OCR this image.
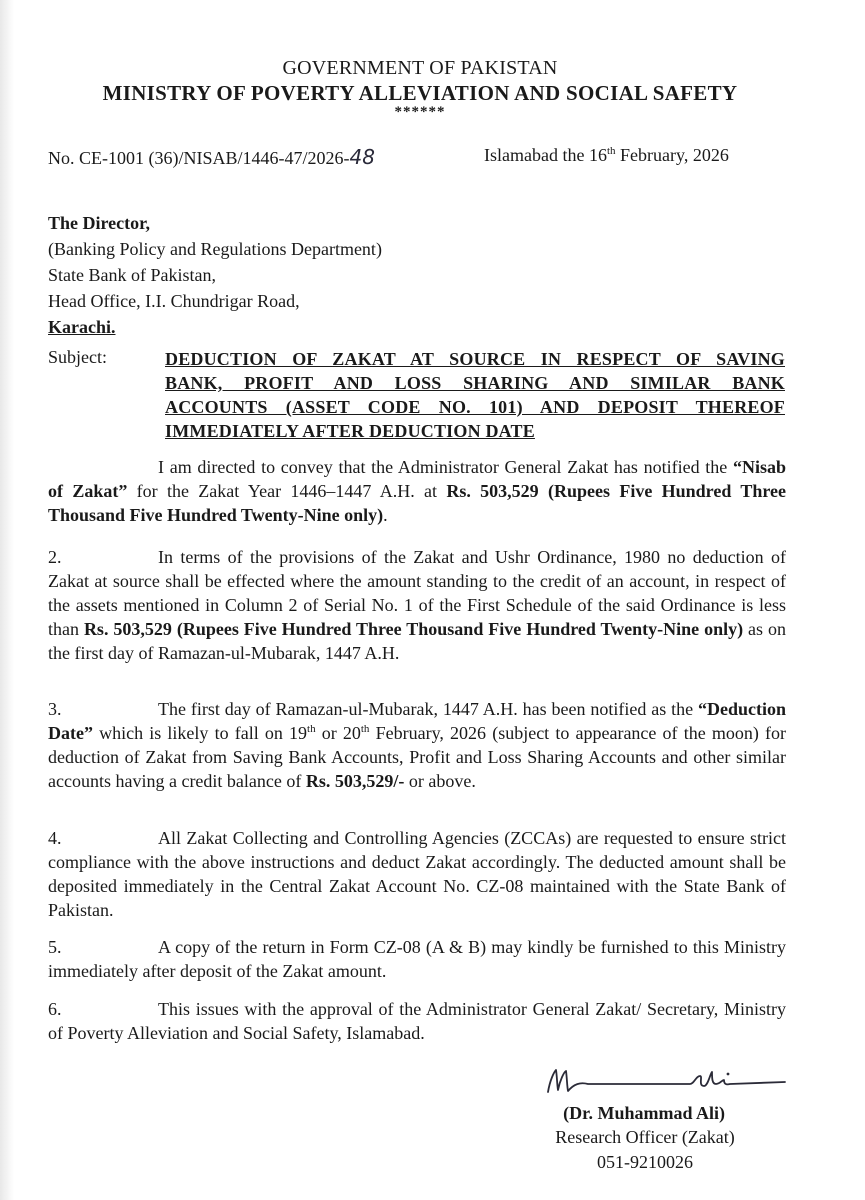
GOVERNMENT OF PAKISTAN
MINISTRY OF POVERTY ALLEVIATION AND SOCIAL SAFETY
******
No. CE-1001 (36)/NISAB/1446-47/2026-48	Islamabad the 16th February, 2026
The Director,
(Banking Policy and Regulations Department)
State Bank of Pakistan,
Head Office, I.I. Chundrigar Road,
Karachi.
Subject:	DEDUCTION OF ZAKAT AT SOURCE IN RESPECT OF SAVING
BANK, PROFIT AND LOSS SHARING AND SIMILAR BANK
ACCOUNTS (ASSET CODE NO. 101) AND DEPOSIT THEREOF
IMMEDIATELY AFTER DEDUCTION DATE
I am directed to convey that the Administrator General Zakat has notified the “Nisab of Zakat” for the Zakat Year 1446–1447 A.H. at Rs. 503,529 (Rupees Five Hundred Three Thousand Five Hundred Twenty-Nine only).
2.	In terms of the provisions of the Zakat and Ushr Ordinance, 1980 no deduction of Zakat at source shall be effected where the amount standing to the credit of an account, in respect of the assets mentioned in Column 2 of Serial No. 1 of the First Schedule of the said Ordinance is less than Rs. 503,529 (Rupees Five Hundred Three Thousand Five Hundred Twenty-Nine only) as on the first day of Ramazan-ul-Mubarak, 1447 A.H.
3.	The first day of Ramazan-ul-Mubarak, 1447 A.H. has been notified as the “Deduction Date” which is likely to fall on 19th or 20th February, 2026 (subject to appearance of the moon) for deduction of Zakat from Saving Bank Accounts, Profit and Loss Sharing Accounts and other similar accounts having a credit balance of Rs. 503,529/- or above.
4.	All Zakat Collecting and Controlling Agencies (ZCCAs) are requested to ensure strict compliance with the above instructions and deduct Zakat accordingly. The deducted amount shall be deposited immediately in the Central Zakat Account No. CZ-08 maintained with the State Bank of Pakistan.
5.	A copy of the return in Form CZ-08 (A & B) may kindly be furnished to this Ministry immediately after deposit of the Zakat amount.
6.	This issues with the approval of the Administrator General Zakat/ Secretary, Ministry of Poverty Alleviation and Social Safety, Islamabad.
(Dr. Muhammad Ali)
Research Officer (Zakat)
051-9210026
